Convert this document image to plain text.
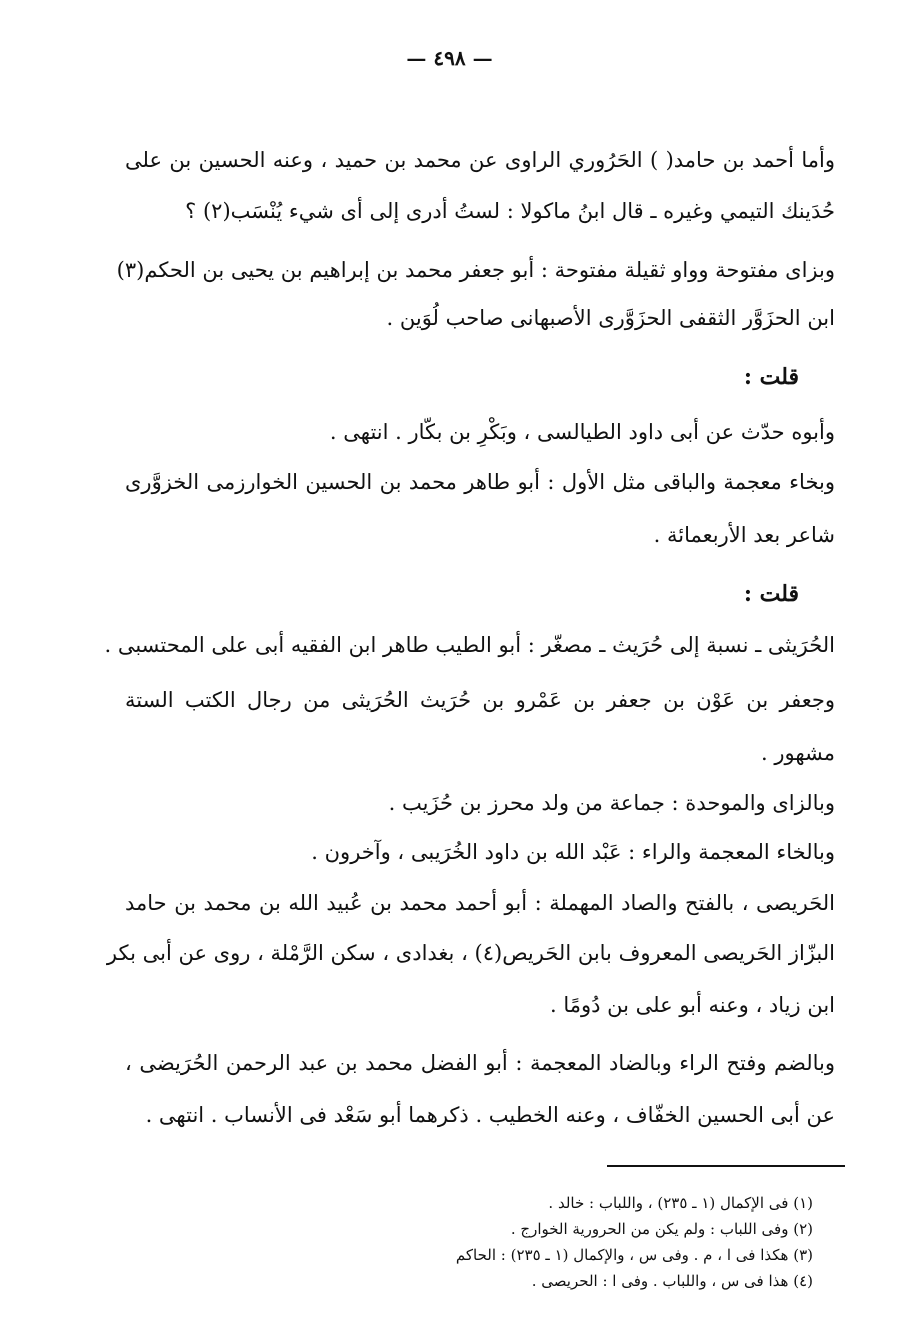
— ٤٩٨ —
وأما أحمد بن حامد( ) الحَرُوري الراوى عن محمد بن حميد ، وعنه الحسين بن على
حُدَينك التيمي وغيره ـ قال ابنُ ماكولا : لستُ أدرى إلى أى شيء يُنْسَب(٢) ؟
وبزاى مفتوحة وواو ثقيلة مفتوحة : أبو جعفر محمد بن إبراهيم بن يحيى بن الحكم(٣)
ابن الحزَوَّر الثقفى الحزَوَّرى الأصبهانى صاحب لُوَين .
قلت :
وأبوه حدّث عن أبى داود الطيالسى ، وبَكْرِ بن بكّار . انتهى .
وبخاء معجمة والباقى مثل الأول : أبو طاهر محمد بن الحسين الخوارزمى الخزوَّرى
شاعر بعد الأربعمائة .
قلت :
الحُرَيثى ـ نسبة إلى حُرَيث ـ مصغّر : أبو الطيب طاهر ابن الفقيه أبى على المحتسبى .
وجعفر بن عَوْن بن جعفر بن عَمْرو بن حُرَيث الحُرَيثى من رجال الكتب الستة
مشهور .
وبالزاى والموحدة : جماعة من ولد محرز بن حُزَيب .
وبالخاء المعجمة والراء : عَبْد الله بن داود الخُرَيبى ، وآخرون .
الحَريصى ، بالفتح والصاد المهملة : أبو أحمد محمد بن عُبيد الله بن محمد بن حامد
البزّاز الحَريصى المعروف بابن الحَريص(٤) ، بغدادى ، سكن الرَّمْلة ، روى عن أبى بكر
ابن زياد ، وعنه أبو على بن دُومًا .
وبالضم وفتح الراء وبالضاد المعجمة : أبو الفضل محمد بن عبد الرحمن الحُرَيضى ،
عن أبى الحسين الخفّاف ، وعنه الخطيب . ذكرهما أبو سَعْد فى الأنساب . انتهى .
(١) فى الإكمال (١ ـ ٢٣٥) ، واللباب : خالد .
(٢) وفى اللباب : ولم يكن من الحرورية الخوارج .
(٣) هكذا فى ا ، م . وفى س ، والإكمال (١ ـ ٢٣٥) : الحاكم
(٤) هذا فى س ، واللباب . وفى ا : الحريصى .
